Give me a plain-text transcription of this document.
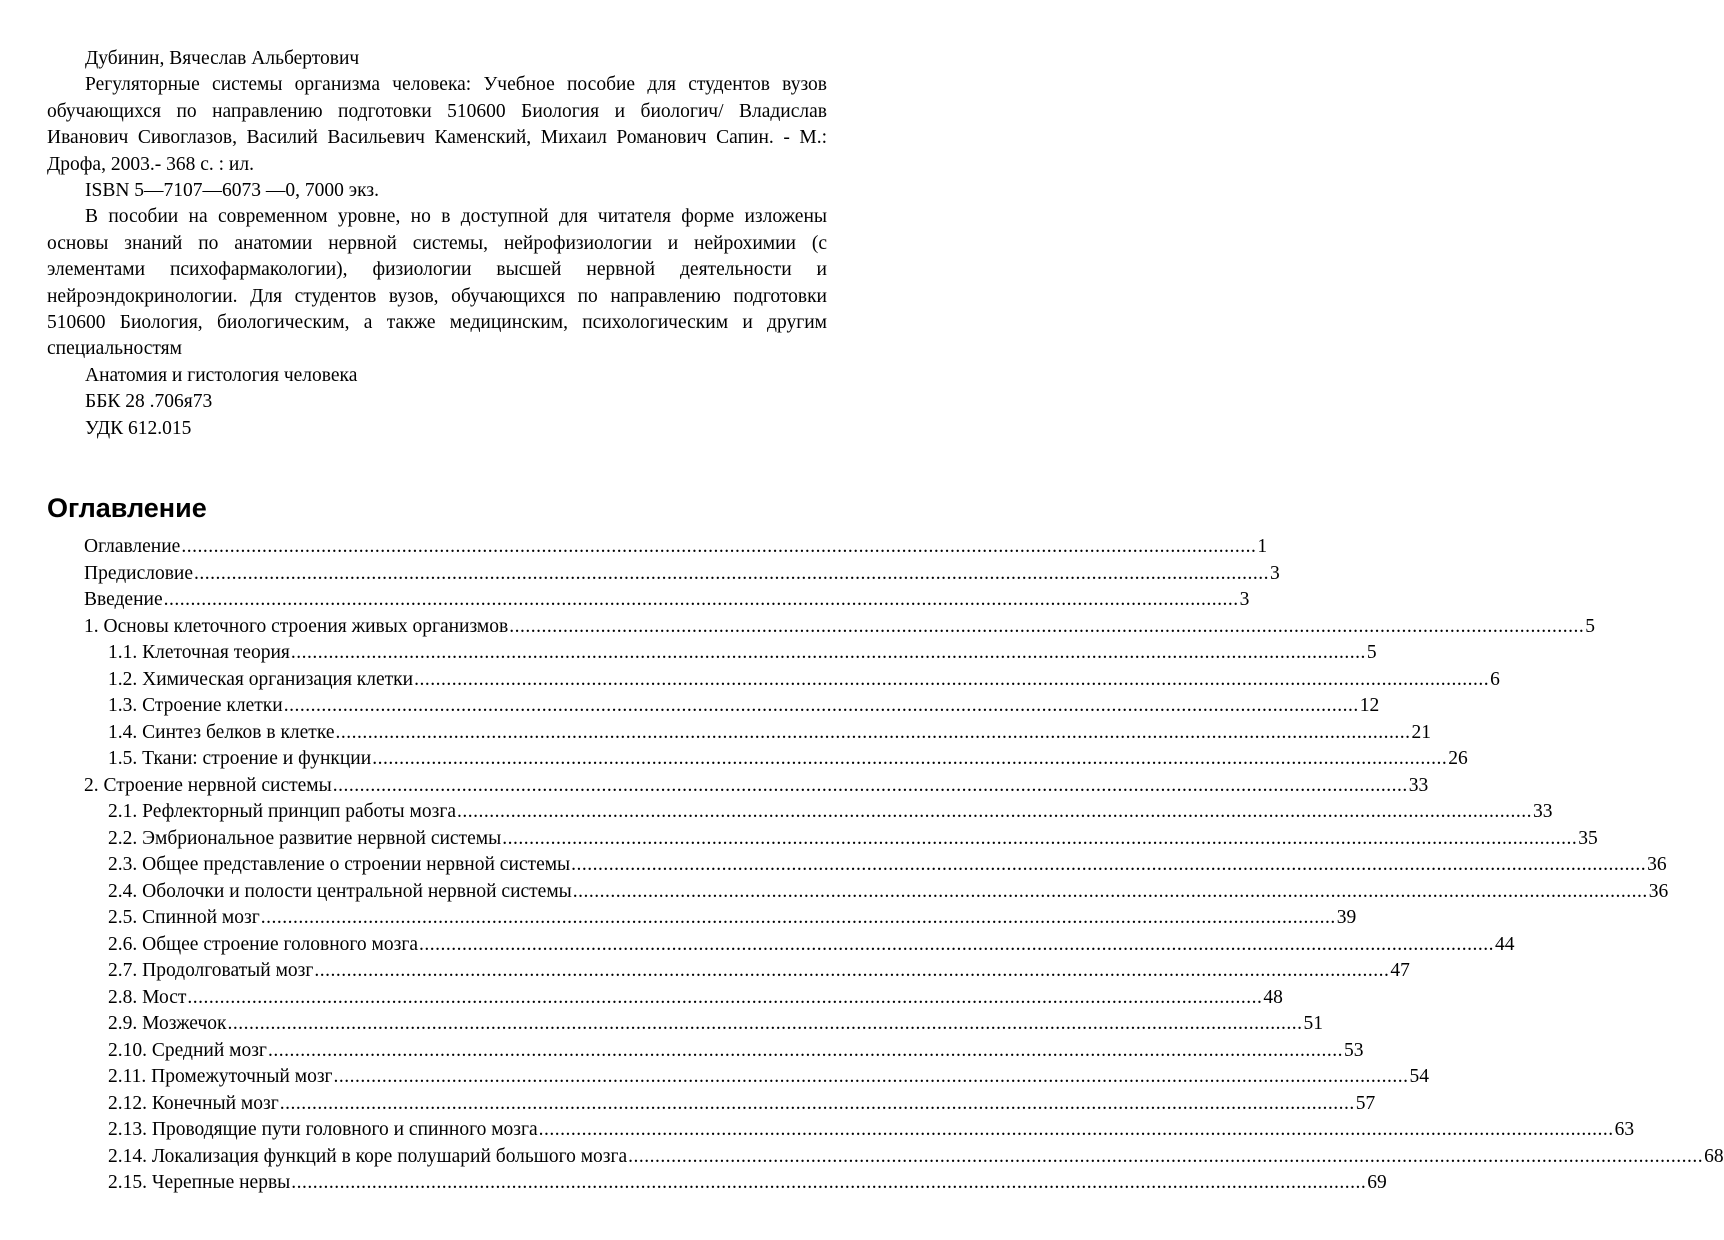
Дубинин, Вячеслав Альбертович

Регуляторные системы организма человека: Учебное пособие для студентов вузов обучающихся по направлению подготовки 510600 Биология и биологич/ Владислав Иванович Сивоглазов, Василий Васильевич Каменский, Михаил Романович Сапин. - М.: Дрофа, 2003.- 368 с. : ил.

ISBN 5—7107—6073 —0, 7000 экз.

В пособии на современном уровне, но в доступной для читателя форме изложены основы знаний по анатомии нервной системы, нейрофизиологии и нейрохимии (с элементами психофармакологии), физиологии высшей нервной деятельности и нейроэндокринологии. Для студентов вузов, обучающихся по направлению подготовки 510600 Биология, биологическим, а также медицинским, психологическим и другим специальностям

Анатомия и гистология человека

ББК 28 .706я73

УДК 612.015

Оглавление
Оглавление ........................................................................................................................................................................................................ 1
Предисловие ........................................................................................................................................................................................................ 3
Введение ........................................................................................................................................................................................................ 3
1. Основы клеточного строения живых организмов ........................................................................................................................................................................................................ 5
1.1. Клеточная теория ........................................................................................................................................................................................................ 5
1.2. Химическая организация клетки ........................................................................................................................................................................................................ 6
1.3. Строение клетки ........................................................................................................................................................................................................ 12
1.4. Синтез белков в клетке ........................................................................................................................................................................................................ 21
1.5. Ткани: строение и функции ........................................................................................................................................................................................................ 26
2. Строение нервной системы ........................................................................................................................................................................................................ 33
2.1. Рефлекторный принцип работы мозга ........................................................................................................................................................................................................ 33
2.2. Эмбриональное развитие нервной системы ........................................................................................................................................................................................................ 35
2.3. Общее представление о строении нервной системы ........................................................................................................................................................................................................ 36
2.4. Оболочки и полости центральной нервной системы ........................................................................................................................................................................................................ 36
2.5. Спинной мозг ........................................................................................................................................................................................................ 39
2.6. Общее строение головного мозга ........................................................................................................................................................................................................ 44
2.7. Продолговатый мозг ........................................................................................................................................................................................................ 47
2.8. Мост ........................................................................................................................................................................................................ 48
2.9. Мозжечок ........................................................................................................................................................................................................ 51
2.10. Средний мозг ........................................................................................................................................................................................................ 53
2.11. Промежуточный мозг ........................................................................................................................................................................................................ 54
2.12. Конечный мозг ........................................................................................................................................................................................................ 57
2.13. Проводящие пути головного и спинного мозга ........................................................................................................................................................................................................ 63
2.14. Локализация функций в коре полушарий большого мозга ........................................................................................................................................................................................................ 68
2.15. Черепные нервы ........................................................................................................................................................................................................ 69
